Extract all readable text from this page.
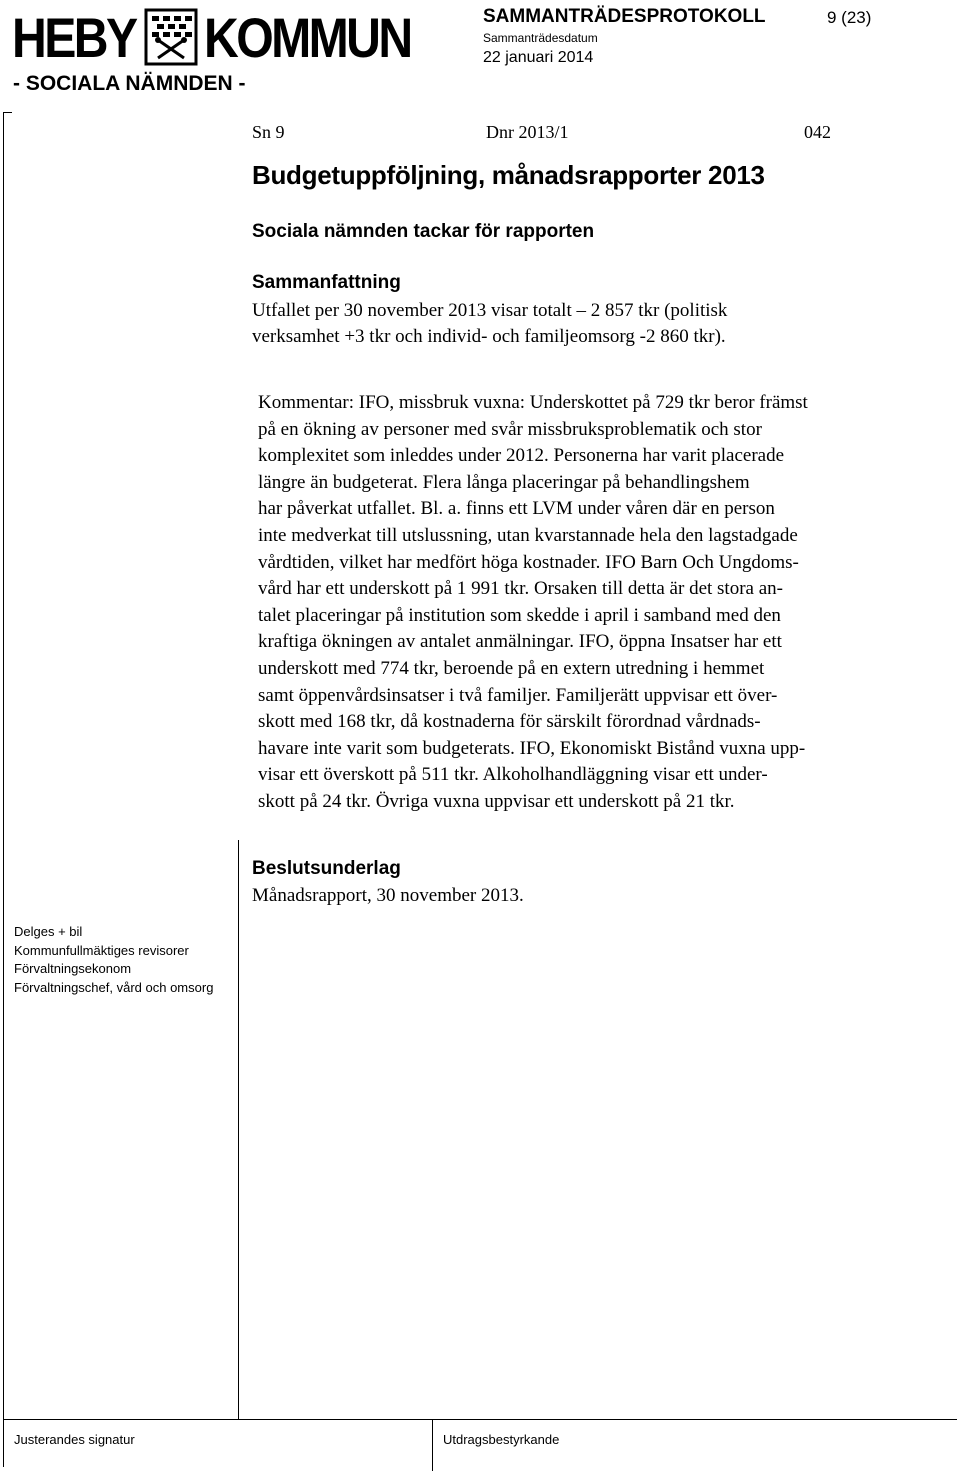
HEBY KOMMUN
- SOCIALA NÄMNDEN -
SAMMANTRÄDESPROTOKOLL	9 (23)
Sammanträdesdatum
22 januari 2014
Sn 9	Dnr 2013/1	042
Budgetuppföljning, månadsrapporter 2013
Sociala nämnden tackar för rapporten
Sammanfattning
Utfallet per 30 november 2013 visar totalt – 2 857 tkr (politisk
verksamhet +3 tkr och individ- och familjeomsorg -2 860 tkr).
Kommentar: IFO, missbruk vuxna: Underskottet på 729 tkr beror främst
på en ökning av personer med svår missbruksproblematik och stor
komplexitet som inleddes under 2012. Personerna har varit placerade
längre än budgeterat. Flera långa placeringar på behandlingshem
har påverkat utfallet. Bl. a. finns ett LVM under våren där en person
inte medverkat till utslussning, utan kvarstannade hela den lagstadgade
vårdtiden, vilket har medfört höga kostnader. IFO Barn Och Ungdoms-
vård har ett underskott på 1 991 tkr. Orsaken till detta är det stora an-
talet placeringar på institution som skedde i april i samband med den
kraftiga ökningen av antalet anmälningar. IFO, öppna Insatser har ett
underskott med 774 tkr, beroende på en extern utredning i hemmet
samt öppenvårdsinsatser i två familjer. Familjerätt uppvisar ett över-
skott med 168 tkr, då kostnaderna för särskilt förordnad vårdnads-
havare inte varit som budgeterats. IFO, Ekonomiskt Bistånd vuxna upp-
visar ett överskott på 511 tkr. Alkoholhandläggning visar ett under-
skott på 24 tkr. Övriga vuxna uppvisar ett underskott på 21 tkr.
Beslutsunderlag
Månadsrapport, 30 november 2013.
Delges + bil
Kommunfullmäktiges revisorer
Förvaltningsekonom
Förvaltningschef, vård och omsorg
Justerandes signatur	Utdragsbestyrkande
